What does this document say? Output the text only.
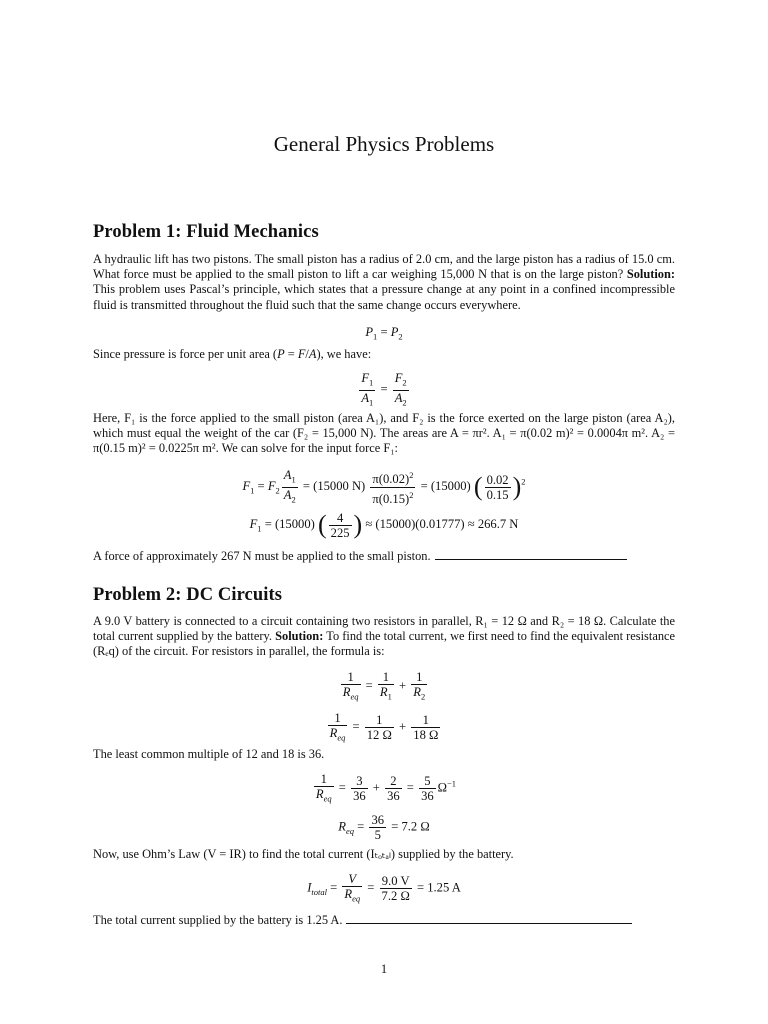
General Physics Problems
Problem 1: Fluid Mechanics

A hydraulic lift has two pistons. The small piston has a radius of 2.0 cm, and the large piston has a radius of 15.0 cm. What force must be applied to the small piston to lift a car weighing 15,000 N that is on the large piston? Solution: This problem uses Pascal’s principle, which states that a pressure change at any point in a confined incompressible fluid is transmitted throughout the fluid such that the same change occurs everywhere.

$P_1 = P_2$

Since pressure is force per unit area (P = F/A), we have:

$\frac{F_1}{A_1} = \frac{F_2}{A_2}$

Here, F₁ is the force applied to the small piston (area A₁), and F₂ is the force exerted on the large piston (area A₂), which must equal the weight of the car (F₂ = 15,000 N). The areas are A = πr². A₁ = π(0.02 m)² = 0.0004π m². A₂ = π(0.15 m)² = 0.0225π m². We can solve for the input force F₁:

$F_1 = F_2 \frac{A_1}{A_2} = (15000$ $N) \frac{\pi(0.02)^2}{\pi(0.15)^2} = (15000)$ ( $\frac{0.02}{0.15} )^2$
$F_1 = (15000)$ ( $\frac{4}{225}$ ) ≈ (15000)(0.01777) ≈ 266.7 N

A force of approximately 267 N must be applied to the small piston.

Problem 2: DC Circuits

A 9.0 V battery is connected to a circuit containing two resistors in parallel, R₁ = 12 Ω and R₂ = 18 Ω. Calculate the total current supplied by the battery. Solution: To find the total current, we first need to find the equivalent resistance (Rₑq) of the circuit. For resistors in parallel, the formula is:

$\frac{1}{R_{eq}} = \frac{1}{R_1} + \frac{1}{R_2}$
$\frac{1}{R_{eq}} = \frac{1}{12 \Omega} + \frac{1}{18 \Omega}$

The least common multiple of 12 and 18 is 36.

$\frac{1}{R_{eq}} = \frac{3}{36} + \frac{2}{36} = \frac{5}{36} \Omega^{-1}$
$R_{eq} = \frac{36}{5} = 7.2$ Ω

Now, use Ohm’s Law (V = IR) to find the total current (Iₜₒₜₐₗ) supplied by the battery.

$I_{total} = \frac{V}{R_{eq}} = \frac{9.0 V}{7.2 \Omega} = 1.25$ A

The total current supplied by the battery is 1.25 A.

1
